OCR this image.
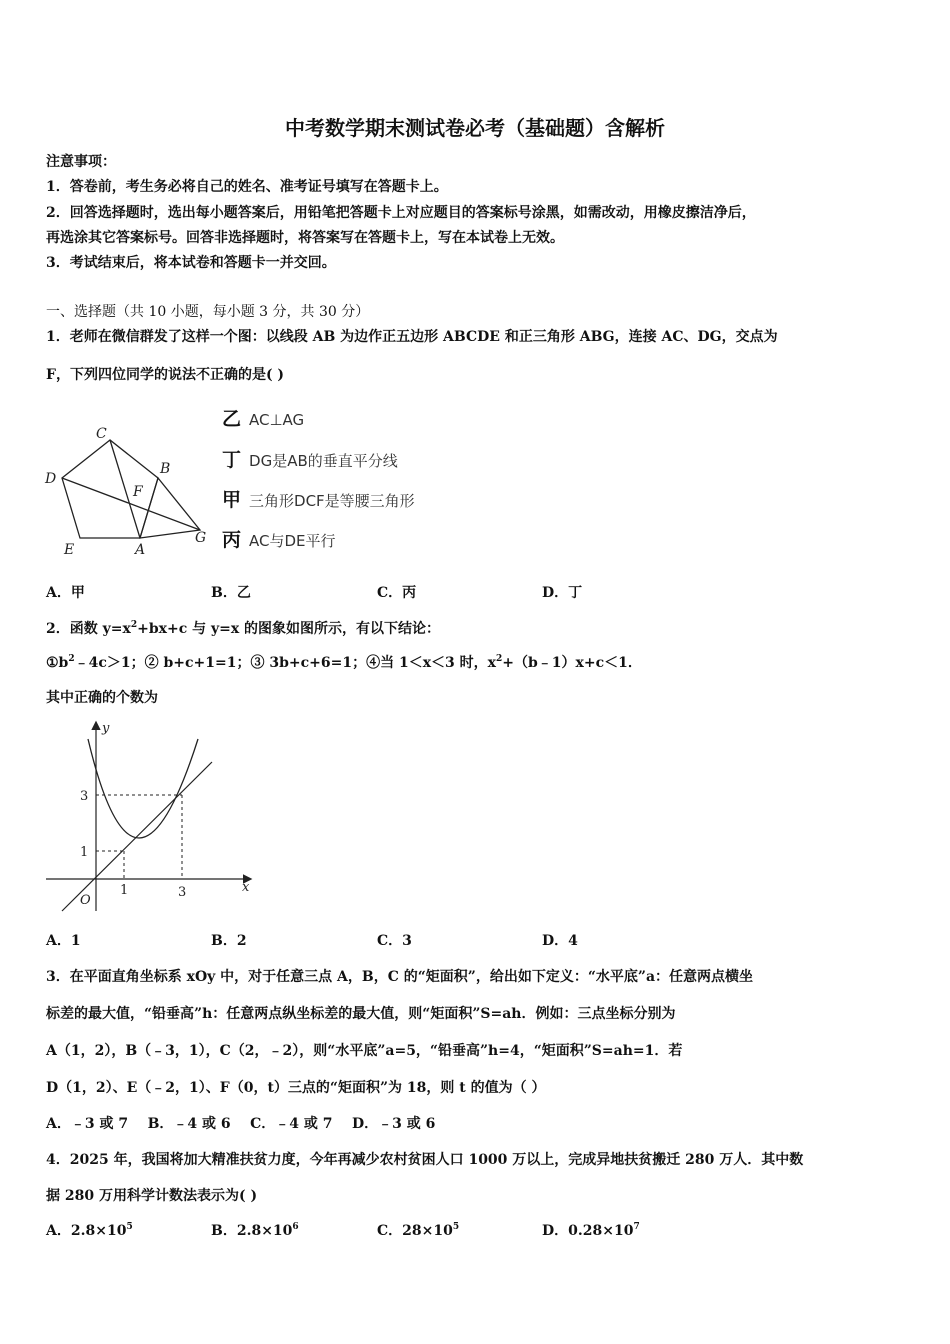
中考数学期末测试卷必考（基础题）含解析
注意事项：
1．答卷前，考生务必将自己的姓名、准考证号填写在答题卡上。
2．回答选择题时，选出每小题答案后，用铅笔把答题卡上对应题目的答案标号涂黑，如需改动，用橡皮擦洁净后，
再选涂其它答案标号。回答非选择题时，将答案写在答题卡上，写在本试卷上无效。
3．考试结束后，将本试卷和答题卡一并交回。
一、选择题（共 10 小题，每小题 3 分，共 30 分）
1．老师在微信群发了这样一个图：以线段 AB 为边作正五边形 ABCDE 和正三角形 ABG，连接 AC、DG，交点为
F，下列四位同学的说法不正确的是( )
C
B
D
F
E	A
G
乙 AC⊥AG
丁 DG是AB的垂直平分线
甲 三角形DCF是等腰三角形
丙 AC与DE平行
A．甲	B．乙	C．丙	D．丁
2．函数 $y=x^2+bx+c$ 与 y=x 的图象如图所示，有以下结论：
$①b^2﹣4c>1$；② b+c+1=1；③ 3b+c+6=1；④当 1＜x＜3 时，$x^2+(b﹣1)x+c<1$．
其中正确的个数为
y
x
O
3
1
1	3
A．1	B．2	C．3	D．4
3．在平面直角坐标系 xOy 中，对于任意三点 A，B，C 的“矩面积”，给出如下定义：“水平底”a：任意两点横坐
标差的最大值，“铅垂高”h：任意两点纵坐标差的最大值，则“矩面积”S=ah．例如：三点坐标分别为
A（1，2），B（﹣3，1），C（2，﹣2），则“水平底”a=5，“铅垂高”h=4，“矩面积”S=ah=1．若
D（1，2）、E（﹣2，1）、F（0，t）三点的“矩面积”为 18，则 t 的值为（ ）
A．﹣3 或 7    B．﹣4 或 6    C．﹣4 或 7    D．﹣3 或 6
4．2025 年，我国将加大精准扶贫力度，今年再减少农村贫困人口 1000 万以上，完成异地扶贫搬迁 280 万人．其中数
据 280 万用科学计数法表示为( )
A．$2.8\times 10^5$	B．$2.8\times 10^6$	C．$28\times 10^5$	D．$0.28\times 10^7$
